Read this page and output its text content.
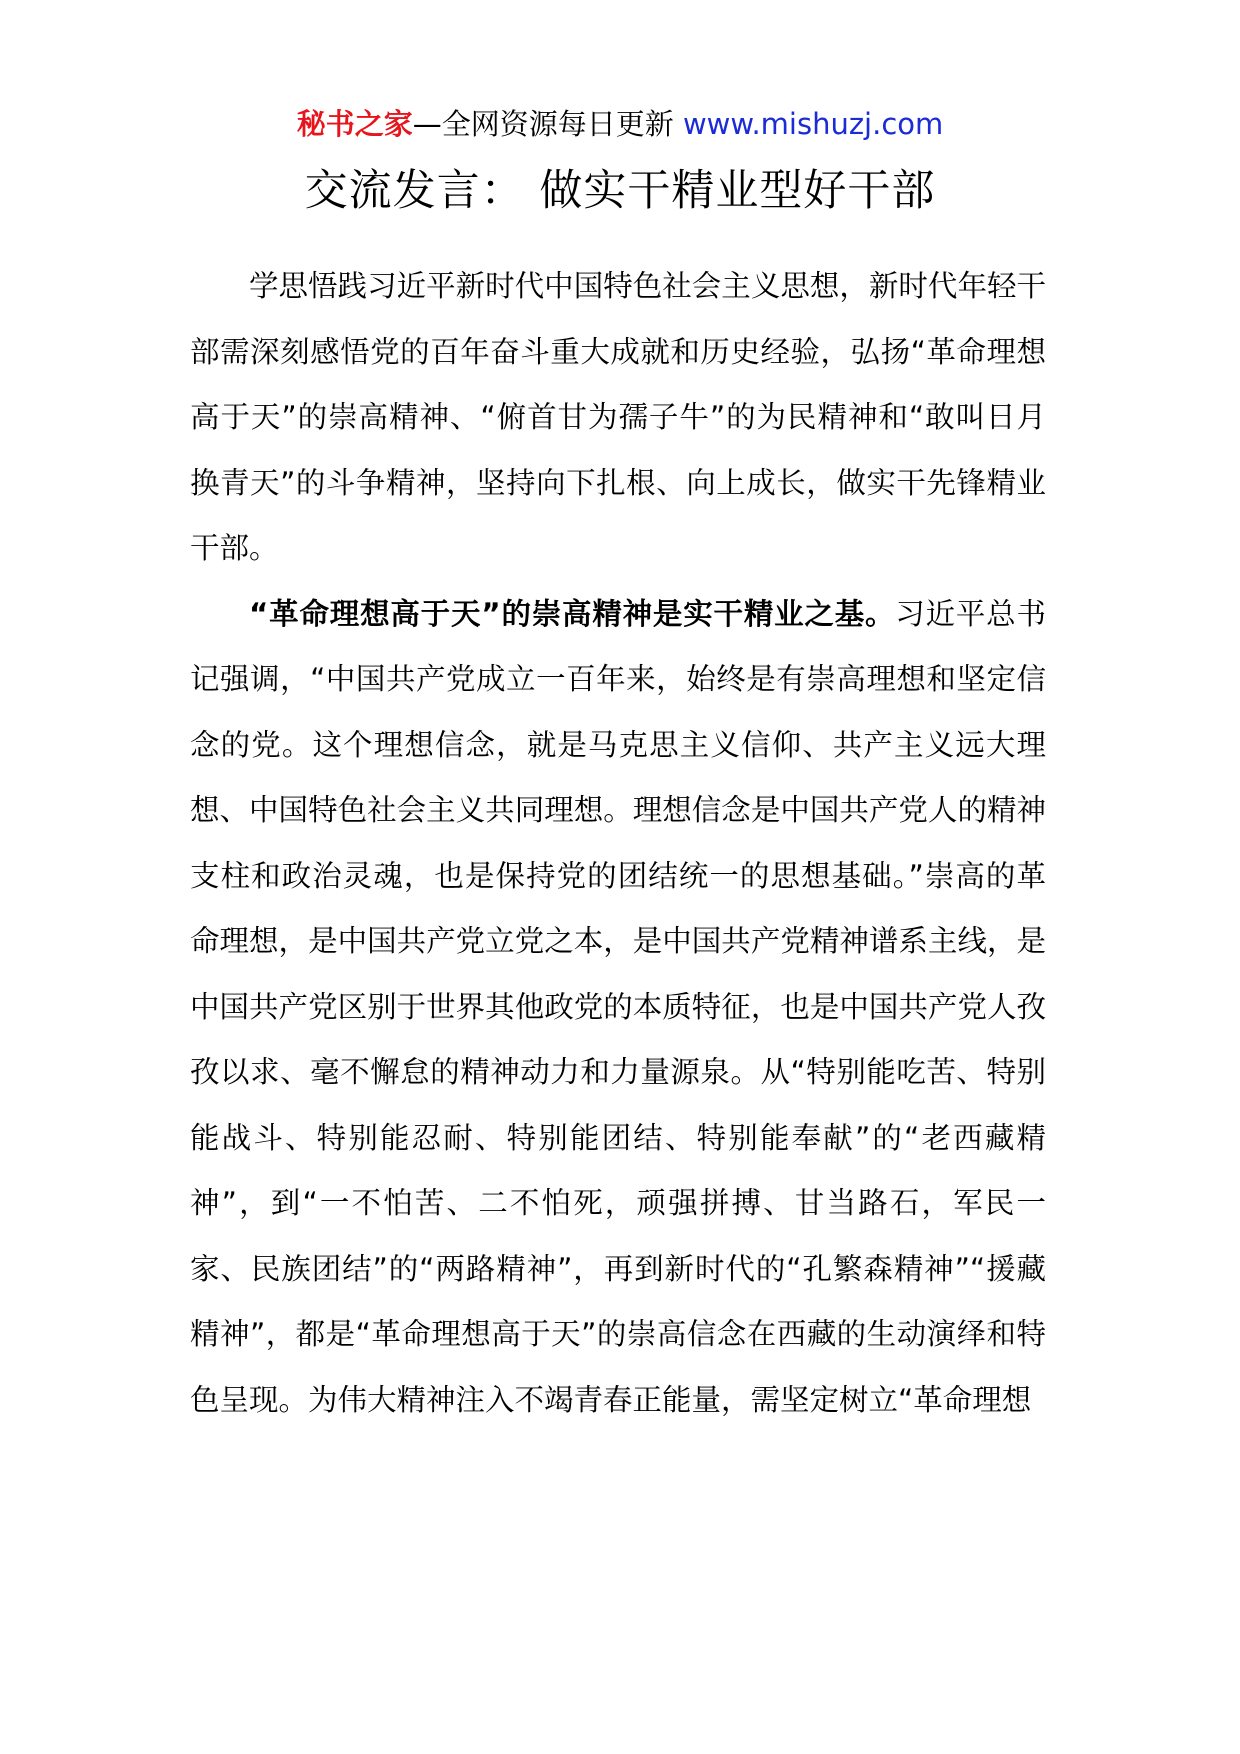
秘书之家—全网资源每日更新 www.mishuzj.com
交流发言： 做实干精业型好干部

学思悟践习近平新时代中国特色社会主义思想，新时代年轻干部需深刻感悟党的百年奋斗重大成就和历史经验，弘扬“革命理想高于天”的崇高精神、“俯首甘为孺子牛”的为民精神和“敢叫日月换青天”的斗争精神，坚持向下扎根、向上成长，做实干先锋精业干部。

“革命理想高于天”的崇高精神是实干精业之基。习近平总书记强调，“中国共产党成立一百年来，始终是有崇高理想和坚定信念的党。这个理想信念，就是马克思主义信仰、共产主义远大理想、中国特色社会主义共同理想。理想信念是中国共产党人的精神支柱和政治灵魂，也是保持党的团结统一的思想基础。”崇高的革命理想，是中国共产党立党之本，是中国共产党精神谱系主线，是中国共产党区别于世界其他政党的本质特征，也是中国共产党人孜孜以求、毫不懈怠的精神动力和力量源泉。从“特别能吃苦、特别能战斗、特别能忍耐、特别能团结、特别能奉献”的“老西藏精神”，到“一不怕苦、二不怕死，顽强拼搏、甘当路石，军民一家、民族团结”的“两路精神”，再到新时代的“孔繁森精神”“援藏精神”，都是“革命理想高于天”的崇高信念在西藏的生动演绎和特色呈现。为伟大精神注入不竭青春正能量，需坚定树立“革命理想
